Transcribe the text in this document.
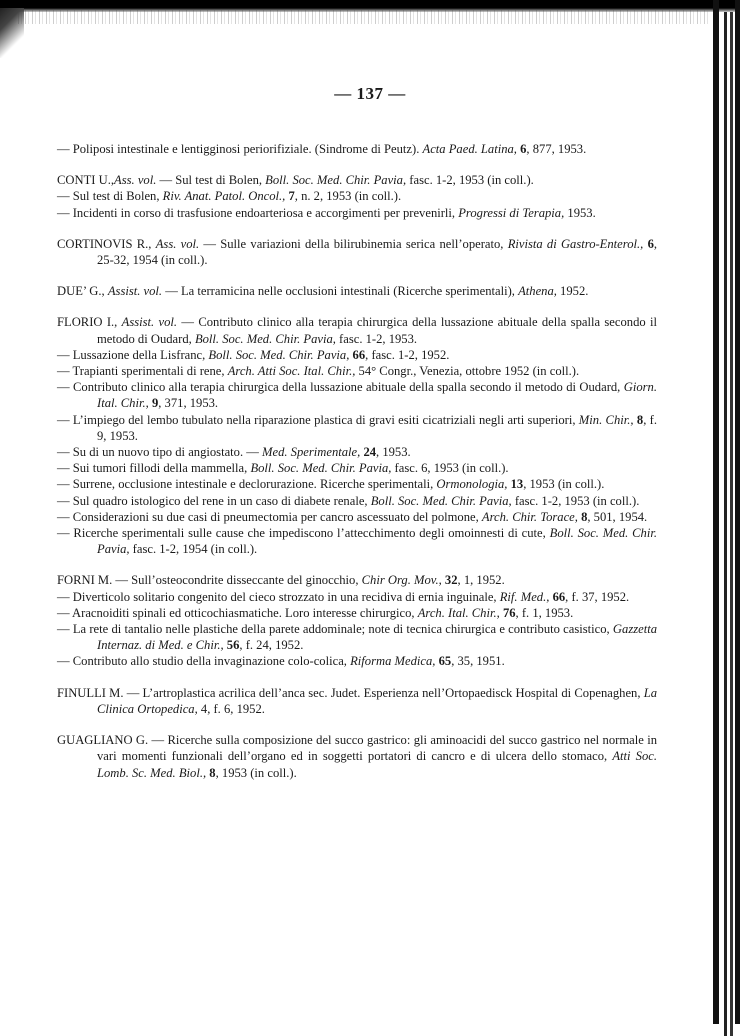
— 137 —

— Poliposi intestinale e lentigginosi periorifiziale. (Sindrome di Peutz). Acta Paed. Latina, 6, 877, 1953.

CONTI U.,Ass. vol. — Sul test di Bolen, Boll. Soc. Med. Chir. Pavia, fasc. 1-2, 1953 (in coll.).

— Sul test di Bolen, Riv. Anat. Patol. Oncol., 7, n. 2, 1953 (in coll.).

— Incidenti in corso di trasfusione endoarteriosa e accorgimenti per prevenirli, Progressi di Terapia, 1953.

CORTINOVIS R., Ass. vol. — Sulle variazioni della bilirubinemia serica nell’operato, Rivista di Gastro-Enterol., 6, 25-32, 1954 (in coll.).

DUE’ G., Assist. vol. — La terramicina nelle occlusioni intestinali (Ricerche sperimentali), Athena, 1952.

FLORIO I., Assist. vol. — Contributo clinico alla terapia chirurgica della lussazione abituale della spalla secondo il metodo di Oudard, Boll. Soc. Med. Chir. Pavia, fasc. 1-2, 1953.

— Lussazione della Lisfranc, Boll. Soc. Med. Chir. Pavia, 66, fasc. 1-2, 1952.

— Trapianti sperimentali di rene, Arch. Atti Soc. Ital. Chir., 54° Congr., Venezia, ottobre 1952 (in coll.).

— Contributo clinico alla terapia chirurgica della lussazione abituale della spalla secondo il metodo di Oudard, Giorn. Ital. Chir., 9, 371, 1953.

— L’impiego del lembo tubulato nella riparazione plastica di gravi esiti cicatriziali negli arti superiori, Min. Chir., 8, f. 9, 1953.

— Su di un nuovo tipo di angiostato. — Med. Sperimentale, 24, 1953.

— Sui tumori fillodi della mammella, Boll. Soc. Med. Chir. Pavia, fasc. 6, 1953 (in coll.).

— Surrene, occlusione intestinale e declorurazione. Ricerche sperimentali, Ormonologia, 13, 1953 (in coll.).

— Sul quadro istologico del rene in un caso di diabete renale, Boll. Soc. Med. Chir. Pavia, fasc. 1-2, 1953 (in coll.).

— Considerazioni su due casi di pneumectomia per cancro ascessuato del polmone, Arch. Chir. Torace, 8, 501, 1954.

— Ricerche sperimentali sulle cause che impediscono l’attecchimento degli omoinnesti di cute, Boll. Soc. Med. Chir. Pavia, fasc. 1-2, 1954 (in coll.).

FORNI M. — Sull’osteocondrite disseccante del ginocchio, Chir Org. Mov., 32, 1, 1952.

— Diverticolo solitario congenito del cieco strozzato in una recidiva di ernia inguinale, Rif. Med., 66, f. 37, 1952.

— Aracnoiditi spinali ed otticochiasmatiche. Loro interesse chirurgico, Arch. Ital. Chir., 76, f. 1, 1953.

— La rete di tantalio nelle plastiche della parete addominale; note di tecnica chirurgica e contributo casistico, Gazzetta Internaz. di Med. e Chir., 56, f. 24, 1952.

— Contributo allo studio della invaginazione colo-colica, Riforma Medica, 65, 35, 1951.

FINULLI M. — L’artroplastica acrilica dell’anca sec. Judet. Esperienza nell’Ortopaedisck Hospital di Copenaghen, La Clinica Ortopedica, 4, f. 6, 1952.

GUAGLIANO G. — Ricerche sulla composizione del succo gastrico: gli aminoacidi del succo gastrico nel normale in vari momenti funzionali dell’organo ed in soggetti portatori di cancro e di ulcera dello stomaco, Atti Soc. Lomb. Sc. Med. Biol., 8, 1953 (in coll.).
